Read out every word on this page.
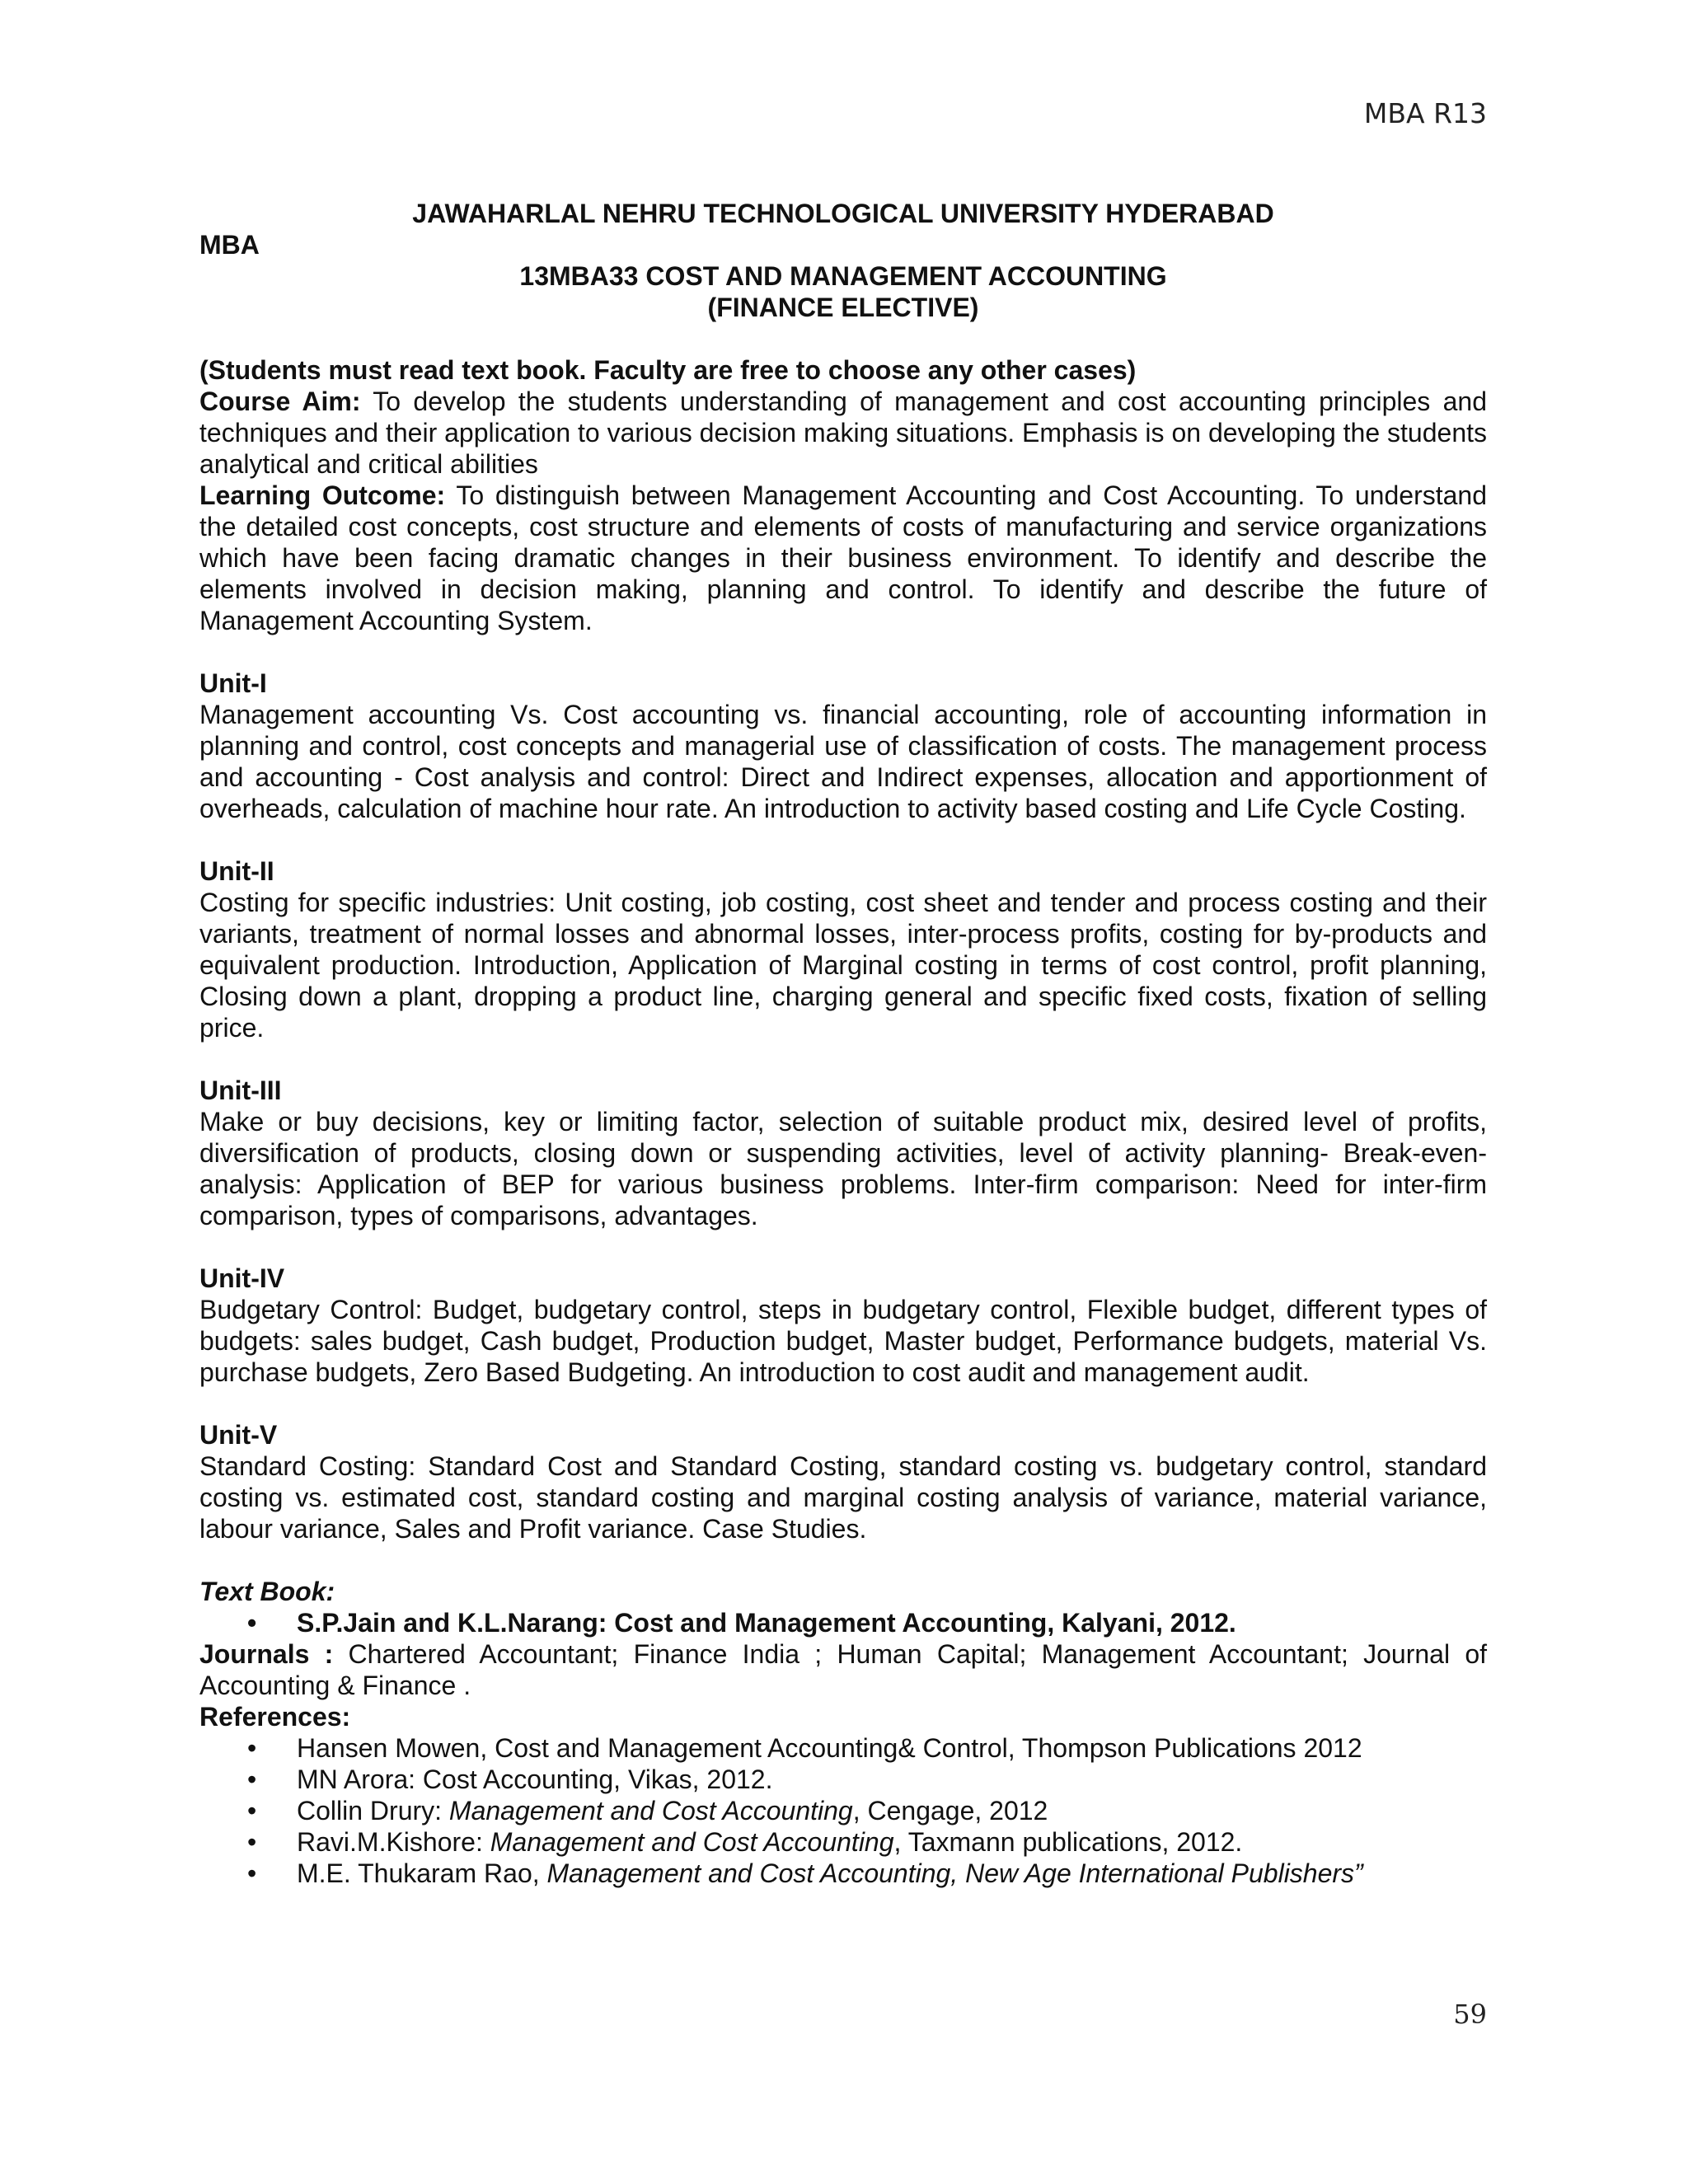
MBA R13
JAWAHARLAL NEHRU TECHNOLOGICAL UNIVERSITY HYDERABAD
MBA
13MBA33 COST AND MANAGEMENT ACCOUNTING
(FINANCE ELECTIVE)

(Students must read text book. Faculty are free to choose any other cases)

Course Aim: To develop the students understanding of management and cost accounting principles and techniques and their application to various decision making situations. Emphasis is on developing the students analytical and critical abilities

Learning Outcome: To distinguish between Management Accounting and Cost Accounting. To understand the detailed cost concepts, cost structure and elements of costs of manufacturing and service organizations which have been facing dramatic changes in their business environment. To identify and describe the elements involved in decision making, planning and control. To identify and describe the future of Management Accounting System.

Unit-I

Management accounting Vs. Cost accounting vs. financial accounting, role of accounting information in planning and control, cost concepts and managerial use of classification of costs. The management process and accounting - Cost analysis and control: Direct and Indirect expenses, allocation and apportionment of overheads, calculation of machine hour rate. An introduction to activity based costing and Life Cycle Costing.

Unit-II

Costing for specific industries: Unit costing, job costing, cost sheet and tender and process costing and their variants, treatment of normal losses and abnormal losses, inter-process profits, costing for by-products and equivalent production. Introduction, Application of Marginal costing in terms of cost control, profit planning, Closing down a plant, dropping a product line, charging general and specific fixed costs, fixation of selling price.

Unit-III

Make or buy decisions, key or limiting factor, selection of suitable product mix, desired level of profits, diversification of products, closing down or suspending activities, level of activity planning- Break-even-analysis: Application of BEP for various business problems. Inter-firm comparison: Need for inter-firm comparison, types of comparisons, advantages.

Unit-IV

Budgetary Control: Budget, budgetary control, steps in budgetary control, Flexible budget, different types of budgets: sales budget, Cash budget, Production budget, Master budget, Performance budgets, material Vs. purchase budgets, Zero Based Budgeting. An introduction to cost audit and management audit.

Unit-V

Standard Costing: Standard Cost and Standard Costing, standard costing vs. budgetary control, standard costing vs. estimated cost, standard costing and marginal costing analysis of variance, material variance, labour variance, Sales and Profit variance. Case Studies.

Text Book:
• S.P.Jain and K.L.Narang: Cost and Management Accounting, Kalyani, 2012.

Journals : Chartered Accountant; Finance India ; Human Capital; Management Accountant; Journal of Accounting & Finance .

References:
• Hansen Mowen, Cost and Management Accounting& Control, Thompson Publications 2012
• MN Arora: Cost Accounting, Vikas, 2012.
• Collin Drury: Management and Cost Accounting, Cengage, 2012
• Ravi.M.Kishore: Management and Cost Accounting, Taxmann publications, 2012.
• M.E. Thukaram Rao, Management and Cost Accounting, New Age International Publishers”
59
